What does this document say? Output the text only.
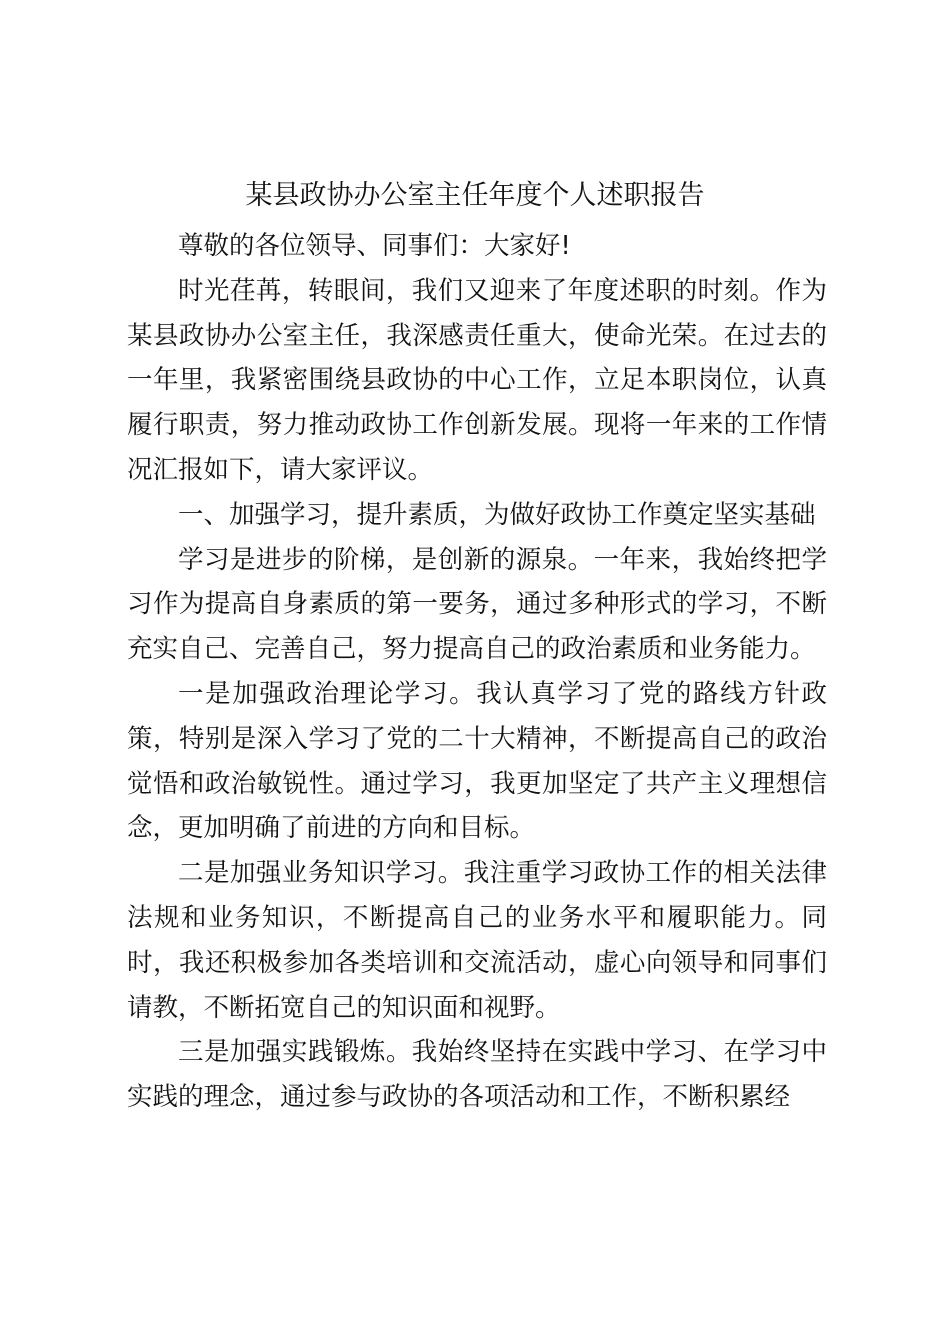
某县政协办公室主任年度个人述职报告

尊敬的各位领导、同事们：大家好!

时光荏苒，转眼间，我们又迎来了年度述职的时刻。作为某县政协办公室主任，我深感责任重大，使命光荣。在过去的一年里，我紧密围绕县政协的中心工作，立足本职岗位，认真履行职责，努力推动政协工作创新发展。现将一年来的工作情况汇报如下，请大家评议。

一、加强学习，提升素质，为做好政协工作奠定坚实基础

学习是进步的阶梯，是创新的源泉。一年来，我始终把学习作为提高自身素质的第一要务，通过多种形式的学习，不断充实自己、完善自己，努力提高自己的政治素质和业务能力。

一是加强政治理论学习。我认真学习了党的路线方针政策，特别是深入学习了党的二十大精神，不断提高自己的政治觉悟和政治敏锐性。通过学习，我更加坚定了共产主义理想信念，更加明确了前进的方向和目标。

二是加强业务知识学习。我注重学习政协工作的相关法律法规和业务知识，不断提高自己的业务水平和履职能力。同时，我还积极参加各类培训和交流活动，虚心向领导和同事们请教，不断拓宽自己的知识面和视野。

三是加强实践锻炼。我始终坚持在实践中学习、在学习中实践的理念，通过参与政协的各项活动和工作，不断积累经
